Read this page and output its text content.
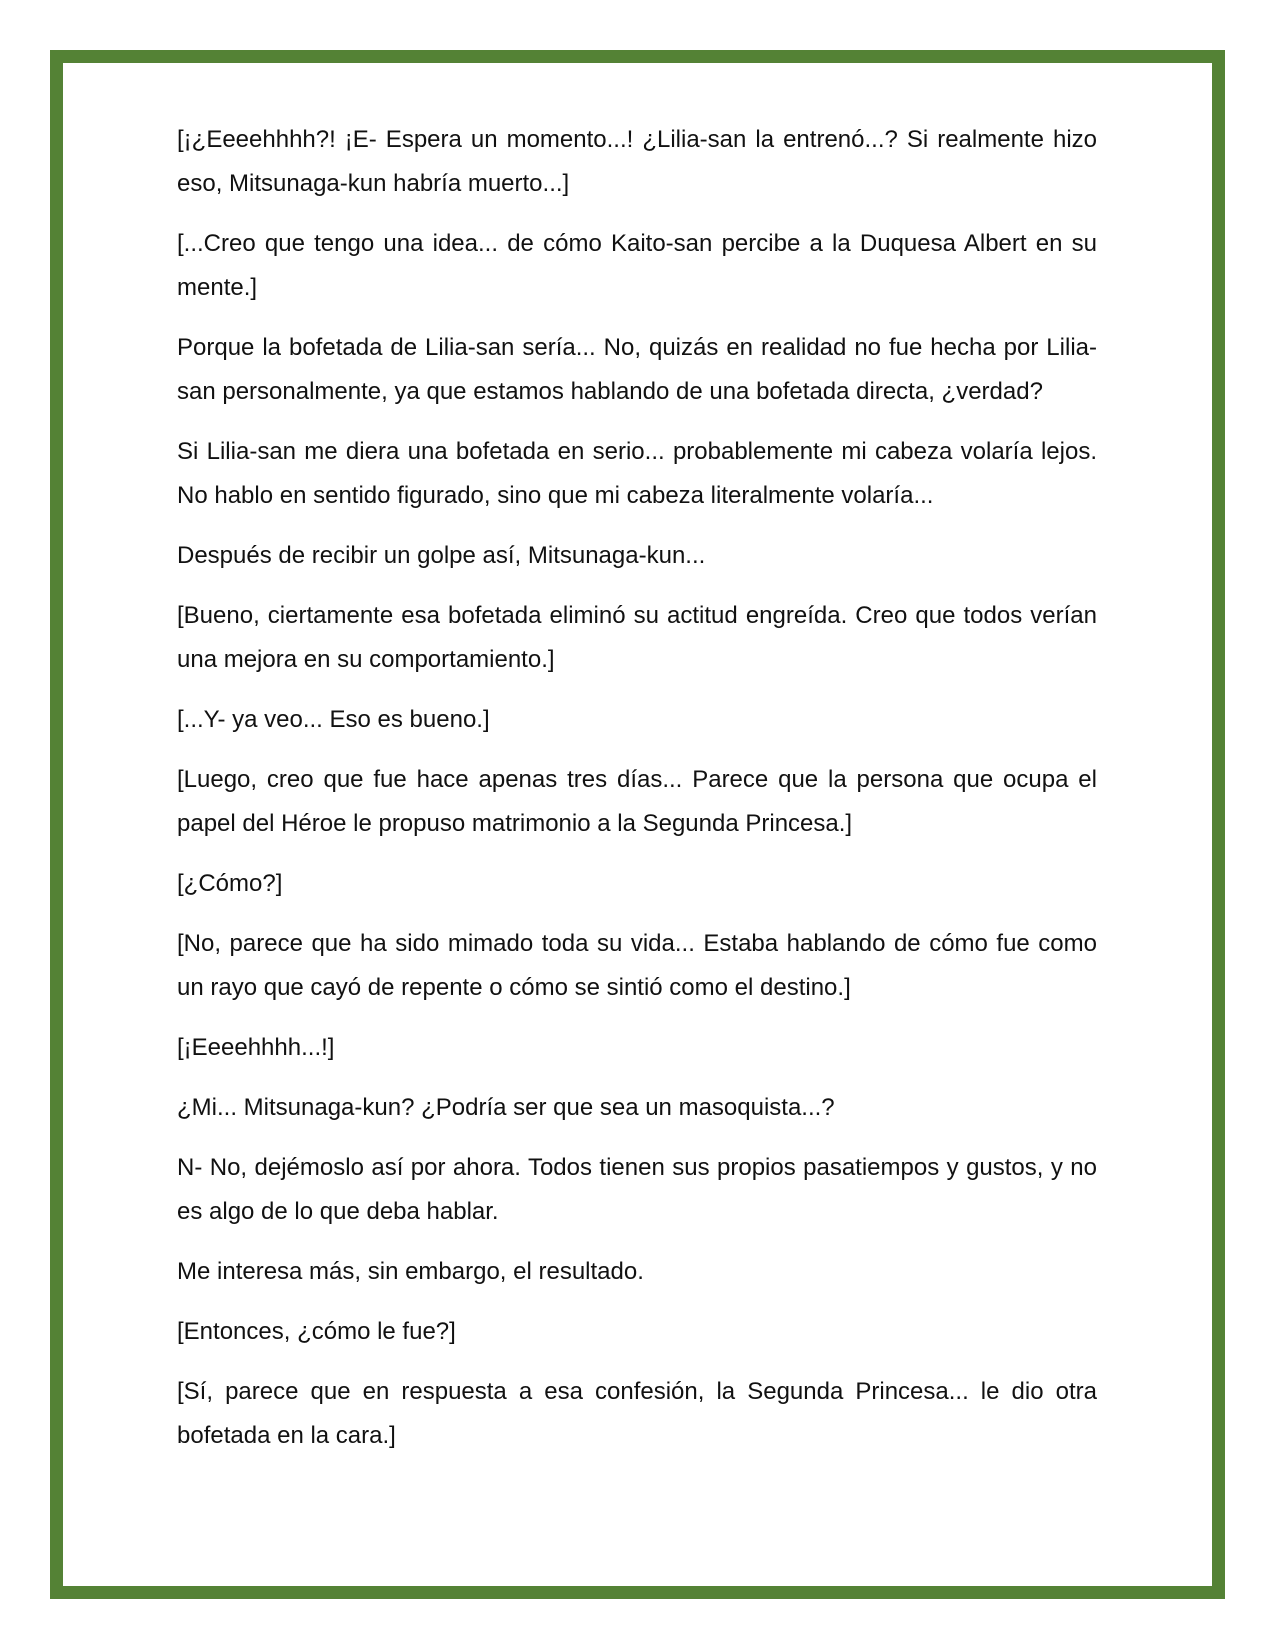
[¡¿Eeeehhhh?! ¡E- Espera un momento...! ¿Lilia-san la entrenó...? Si realmente hizo eso, Mitsunaga-kun habría muerto...]

[...Creo que tengo una idea... de cómo Kaito-san percibe a la Duquesa Albert en su mente.]

Porque la bofetada de Lilia-san sería... No, quizás en realidad no fue hecha por Lilia-san personalmente, ya que estamos hablando de una bofetada directa, ¿verdad?

Si Lilia-san me diera una bofetada en serio... probablemente mi cabeza volaría lejos. No hablo en sentido figurado, sino que mi cabeza literalmente volaría...

Después de recibir un golpe así, Mitsunaga-kun...

[Bueno, ciertamente esa bofetada eliminó su actitud engreída. Creo que todos verían una mejora en su comportamiento.]

[...Y- ya veo... Eso es bueno.]

[Luego, creo que fue hace apenas tres días... Parece que la persona que ocupa el papel del Héroe le propuso matrimonio a la Segunda Princesa.]

[¿Cómo?]

[No, parece que ha sido mimado toda su vida... Estaba hablando de cómo fue como un rayo que cayó de repente o cómo se sintió como el destino.]

[¡Eeeehhhh...!]

¿Mi... Mitsunaga-kun? ¿Podría ser que sea un masoquista...?

N- No, dejémoslo así por ahora. Todos tienen sus propios pasatiempos y gustos, y no es algo de lo que deba hablar.

Me interesa más, sin embargo, el resultado.

[Entonces, ¿cómo le fue?]

[Sí, parece que en respuesta a esa confesión, la Segunda Princesa... le dio otra bofetada en la cara.]
